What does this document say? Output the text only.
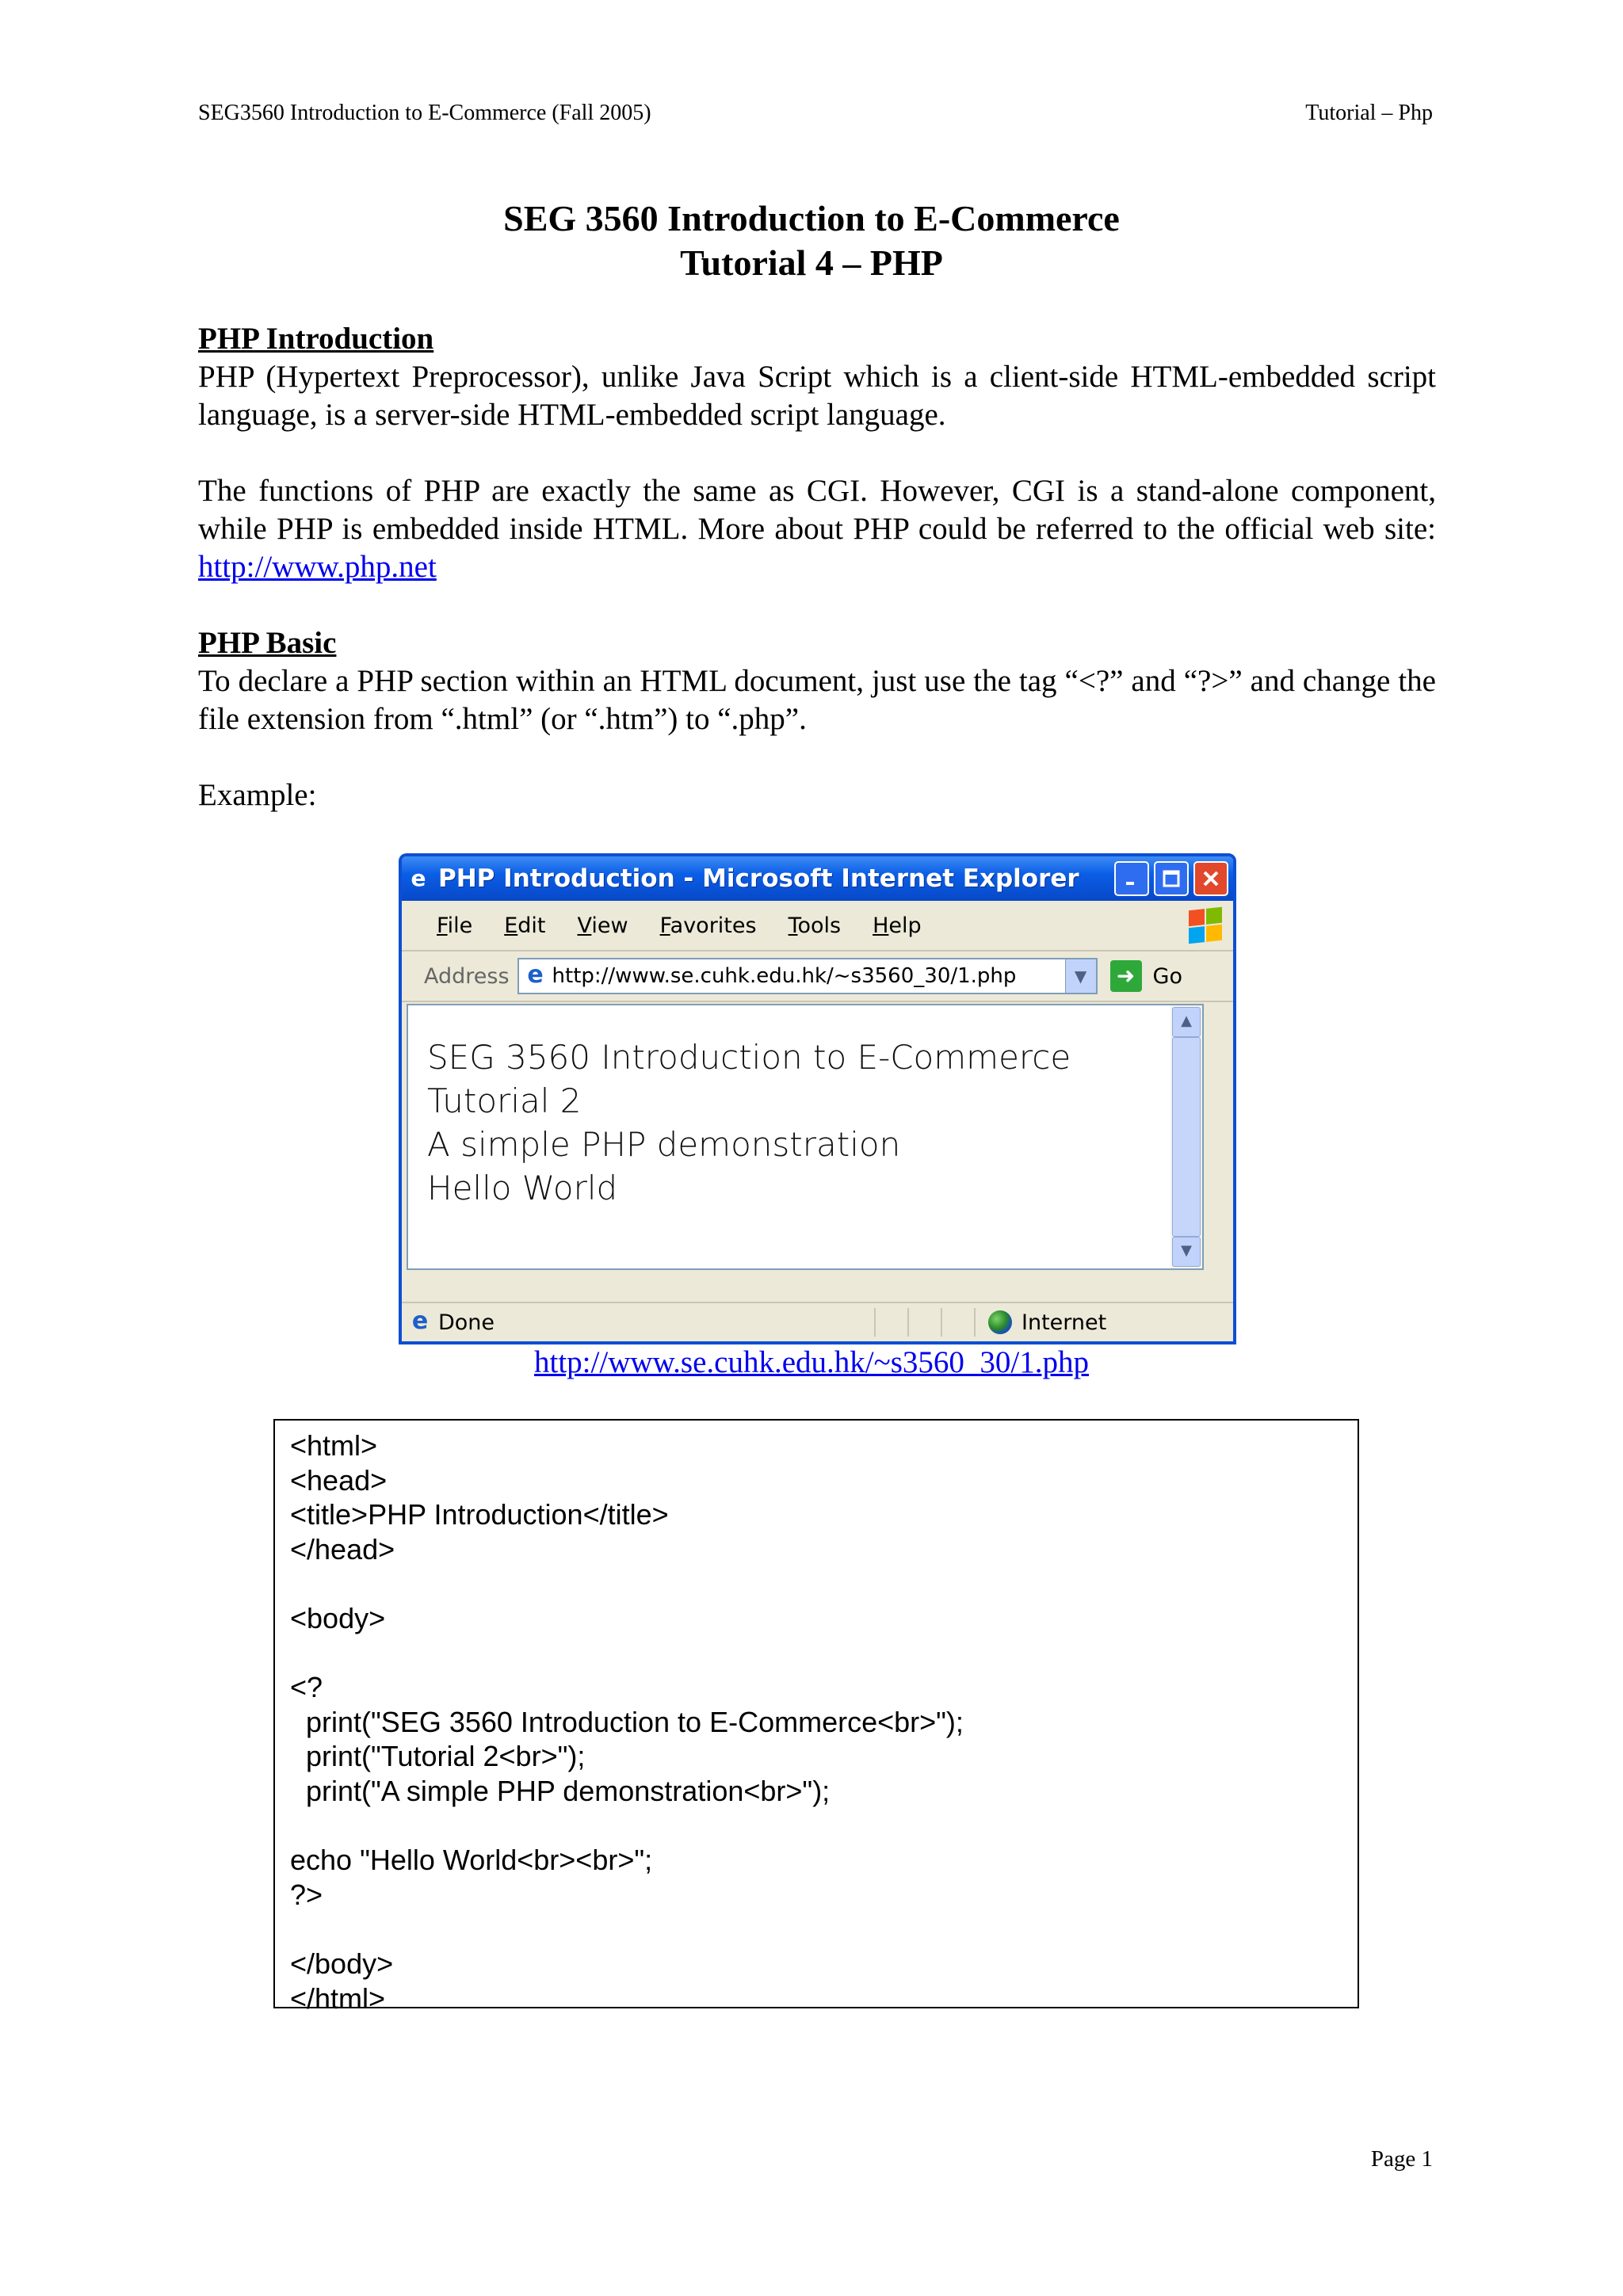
SEG3560 Introduction to E-Commerce (Fall 2005)	Tutorial – Php
SEG 3560 Introduction to E-Commerce
Tutorial 4 – PHP
PHP Introduction

PHP (Hypertext Preprocessor), unlike Java Script which is a client-side HTML-embedded script language, is a server-side HTML-embedded script language.

The functions of PHP are exactly the same as CGI. However, CGI is a stand-alone component, while PHP is embedded inside HTML. More about PHP could be referred to the official web site: http://www.php.net

PHP Basic

To declare a PHP section within an HTML document, just use the tag “<?” and “?>” and change the file extension from “.html” (or “.htm”) to “.php”.

Example:
e PHP Introduction - Microsoft Internet Explorer
File Edit View Favorites Tools Help
Address e http://www.se.cuhk.edu.hk/~s3560_30/1.php	▼	➜ Go
SEG 3560 Introduction to E-Commerce
Tutorial 2
A simple PHP demonstration
Hello World
▲
▼
e Done	Internet
http://www.se.cuhk.edu.hk/~s3560_30/1.php
<html>
<head>
<title>PHP Introduction</title>
</head>
<body>
<?
print("SEG 3560 Introduction to E-Commerce<br>");
print("Tutorial 2<br>");
print("A simple PHP demonstration<br>");
echo "Hello World<br><br>";
?>
</body>
</html>
Page 1
